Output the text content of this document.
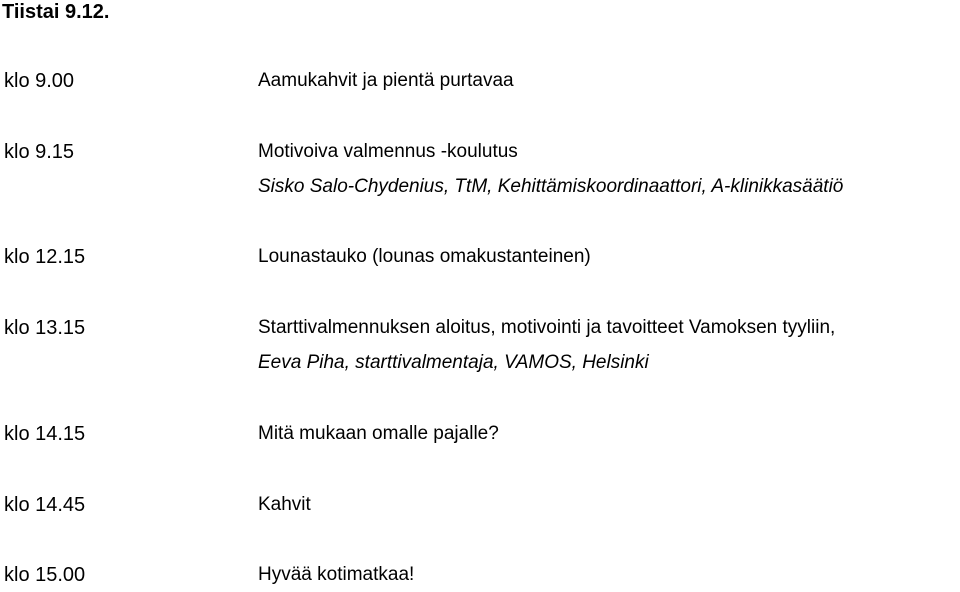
Tiistai 9.12.
klo 9.00	Aamukahvit ja pientä purtavaa
klo 9.15	Motivoiva valmennus -koulutus
Sisko Salo-Chydenius, TtM, Kehittämiskoordinaattori, A-klinikkasäätiö
klo 12.15	Lounastauko (lounas omakustanteinen)
klo 13.15	Starttivalmennuksen aloitus, motivointi ja tavoitteet Vamoksen tyyliin,
Eeva Piha, starttivalmentaja, VAMOS, Helsinki
klo 14.15	Mitä mukaan omalle pajalle?
klo 14.45	Kahvit
klo 15.00	Hyvää kotimatkaa!
